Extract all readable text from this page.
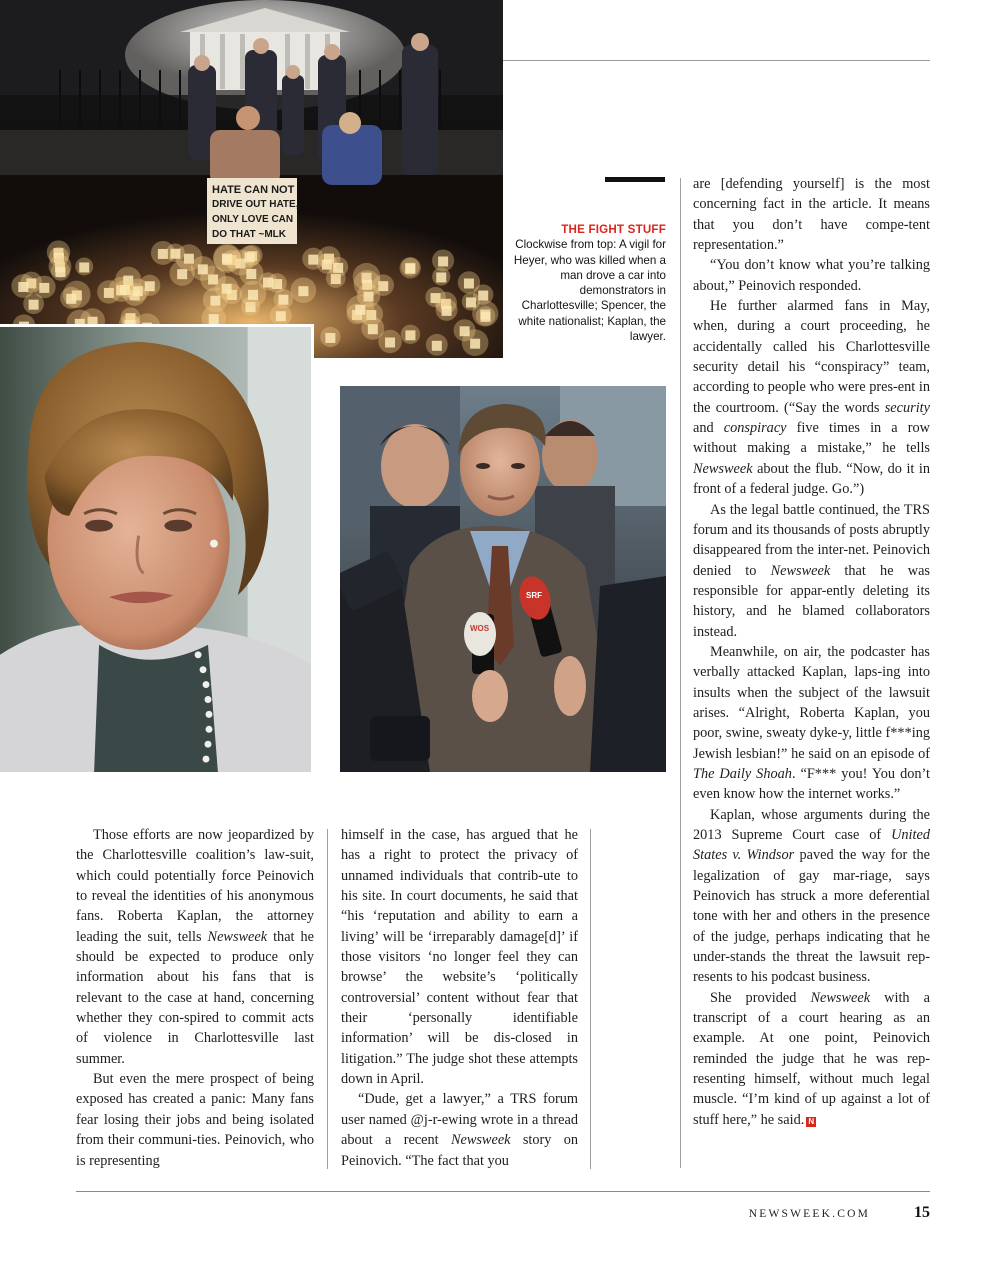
HATE CAN NOT
DRIVE OUT HATE,
ONLY LOVE CAN
DO THAT ~MLK
WOS
SRF
THE FIGHT STUFF
Clockwise from top: A vigil for Heyer, who was killed when a man drove a car into demonstrators in Charlottesville; Spencer, the white nationalist; Kaplan, the lawyer.

Those efforts are now jeopardized by the Charlottesville coalition’s law-suit, which could potentially force Peinovich to reveal the identities of his anonymous fans. Roberta Kaplan, the attorney leading the suit, tells Newsweek that he should be expected to produce only information about his fans that is relevant to the case at hand, concerning whether they con-spired to commit acts of violence in Charlottesville last summer.

But even the mere prospect of being exposed has created a panic: Many fans fear losing their jobs and being isolated from their communi-ties. Peinovich, who is representing

himself in the case, has argued that he has a right to protect the privacy of unnamed individuals that contrib-ute to his site. In court documents, he said that “his ‘reputation and ability to earn a living’ will be ‘irreparably damage[d]’ if those visitors ‘no longer feel they can browse’ the website’s ‘politically controversial’ content without fear that their ‘personally identifiable information’ will be dis-closed in litigation.” The judge shot these attempts down in April.

“Dude, get a lawyer,” a TRS forum user named @j-r-ewing wrote in a thread about a recent Newsweek story on Peinovich. “The fact that you

are [defending yourself] is the most concerning fact in the article. It means that you don’t have compe-tent representation.”

“You don’t know what you’re talking about,” Peinovich responded.

He further alarmed fans in May, when, during a court proceeding, he accidentally called his Charlottesville security detail his “conspiracy” team, according to people who were pres-ent in the courtroom. (“Say the words security and conspiracy five times in a row without making a mistake,” he tells Newsweek about the flub. “Now, do it in front of a federal judge. Go.”)

As the legal battle continued, the TRS forum and its thousands of posts abruptly disappeared from the inter-net. Peinovich denied to Newsweek that he was responsible for appar-ently deleting its history, and he blamed collaborators instead.

Meanwhile, on air, the podcaster has verbally attacked Kaplan, laps-ing into insults when the subject of the lawsuit arises. “Alright, Roberta Kaplan, you poor, swine, sweaty dyke-y, little f***ing Jewish lesbian!” he said on an episode of The Daily Shoah. “F*** you! You don’t even know how the internet works.”

Kaplan, whose arguments during the 2013 Supreme Court case of United States v. Windsor paved the way for the legalization of gay mar-riage, says Peinovich has struck a more deferential tone with her and others in the presence of the judge, perhaps indicating that he under-stands the threat the lawsuit rep-resents to his podcast business.

She provided Newsweek with a transcript of a court hearing as an example. At one point, Peinovich reminded the judge that he was rep-resenting himself, without much legal muscle. “I’m kind of up against a lot of stuff here,” he said. N

NEWSWEEK.COM	15
